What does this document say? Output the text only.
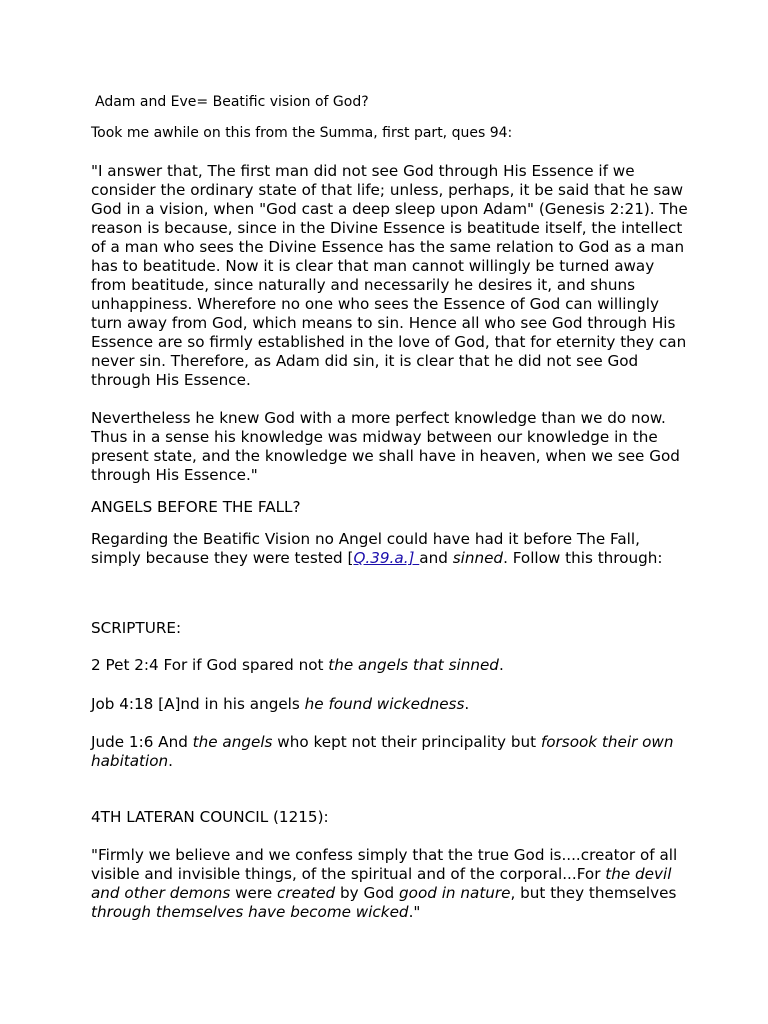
Adam and Eve= Beatific vision of God?

Took me awhile on this from the Summa, first part, ques 94:

"I answer that, The first man did not see God through His Essence if we consider the ordinary state of that life; unless, perhaps, it be said that he saw God in a vision, when "God cast a deep sleep upon Adam" (Genesis 2:21). The reason is because, since in the Divine Essence is beatitude itself, the intellect of a man who sees the Divine Essence has the same relation to God as a man has to beatitude. Now it is clear that man cannot willingly be turned away from beatitude, since naturally and necessarily he desires it, and shuns unhappiness. Wherefore no one who sees the Essence of God can willingly turn away from God, which means to sin. Hence all who see God through His Essence are so firmly established in the love of God, that for eternity they can never sin. Therefore, as Adam did sin, it is clear that he did not see God through His Essence.

Nevertheless he knew God with a more perfect knowledge than we do now. Thus in a sense his knowledge was midway between our knowledge in the present state, and the knowledge we shall have in heaven, when we see God through His Essence."

ANGELS BEFORE THE FALL?

Regarding the Beatific Vision no Angel could have had it before The Fall, simply because they were tested [Q.39.a.] and sinned. Follow this through:

SCRIPTURE:

2 Pet 2:4 For if God spared not the angels that sinned.

Job 4:18 [A]nd in his angels he found wickedness.

Jude 1:6 And the angels who kept not their principality but forsook their own habitation.

4TH LATERAN COUNCIL (1215):

"Firmly we believe and we confess simply that the true God is....creator of all visible and invisible things, of the spiritual and of the corporal...For the devil and other demons were created by God good in nature, but they themselves through themselves have become wicked."
